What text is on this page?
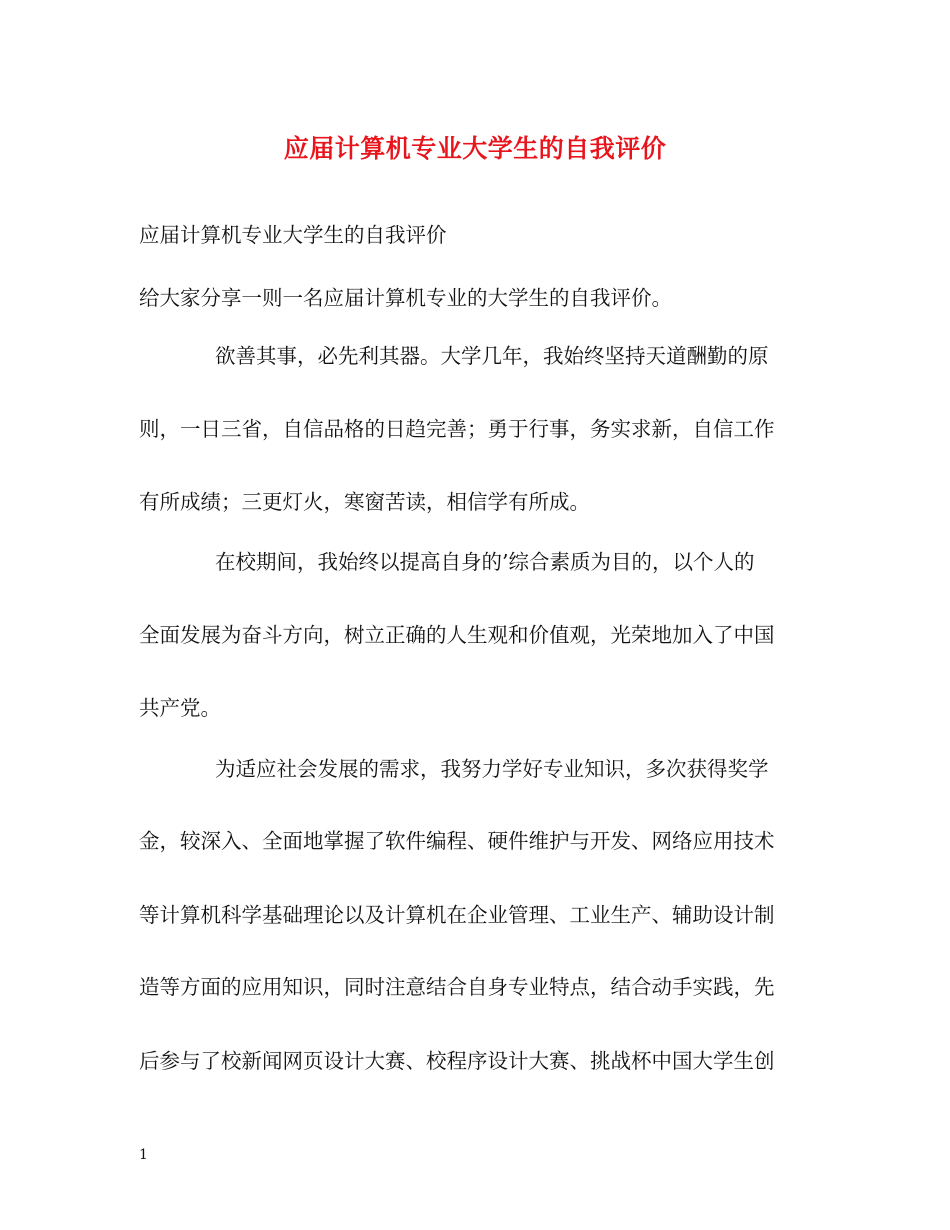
应届计算机专业大学生的自我评价
应届计算机专业大学生的自我评价
给大家分享一则一名应届计算机专业的大学生的自我评价。
欲善其事，必先利其器。大学几年，我始终坚持天道酬勤的原
则，一日三省，自信品格的日趋完善；勇于行事，务实求新，自信工作
有所成绩；三更灯火，寒窗苦读，相信学有所成。
在校期间，我始终以提高自身的’综合素质为目的，以个人的
全面发展为奋斗方向，树立正确的人生观和价值观，光荣地加入了中国
共产党。
为适应社会发展的需求，我努力学好专业知识，多次获得奖学
金，较深入、全面地掌握了软件编程、硬件维护与开发、网络应用技术
等计算机科学基础理论以及计算机在企业管理、工业生产、辅助设计制
造等方面的应用知识，同时注意结合自身专业特点，结合动手实践，先
后参与了校新闻网页设计大赛、校程序设计大赛、挑战杯中国大学生创
1
